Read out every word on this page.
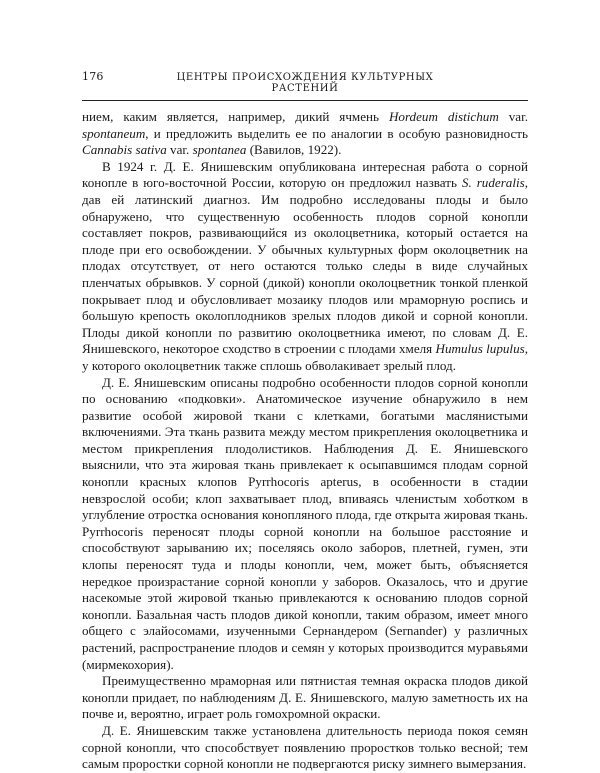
176	ЦЕНТРЫ ПРОИСХОЖДЕНИЯ КУЛЬТУРНЫХ РАСТЕНИЙ

нием, каким является, например, дикий ячмень Hordeum distichum var. spontaneum, и предложить выделить ее по аналогии в особую разновидность Cannabis sativa var. spontanea (Вавилов, 1922).

В 1924 г. Д. Е. Янишевским опубликована интересная работа о сорной конопле в юго-восточной России, которую он предложил назвать S. ruderalis, дав ей латинский диагноз. Им подробно исследованы плоды и было обнаружено, что существенную особенность плодов сорной конопли составляет покров, развивающийся из околоцветника, который остается на плоде при его освобождении. У обычных культурных форм околоцветник на плодах отсутствует, от него остаются только следы в виде случайных пленчатых обрывков. У сорной (дикой) конопли околоцветник тонкой пленкой покрывает плод и обусловливает мозаику плодов или мраморную роспись и большую крепость околоплодников зрелых плодов дикой и сорной конопли. Плоды дикой конопли по развитию околоцветника имеют, по словам Д. Е. Янишевского, некоторое сходство в строении с плодами хмеля Humulus lupulus, у которого околоцветник также сплошь обволакивает зрелый плод.

Д. Е. Янишевским описаны подробно особенности плодов сорной конопли по основанию «подковки». Анатомическое изучение обнаружило в нем развитие особой жировой ткани с клетками, богатыми маслянистыми включениями. Эта ткань развита между местом прикрепления околоцветника и местом прикрепления плодолистиков. Наблюдения Д. Е. Янишевского выяснили, что эта жировая ткань привлекает к осыпавшимся плодам сорной конопли красных клопов Pyrrhocoris apterus, в особенности в стадии невзрослой особи; клоп захватывает плод, впиваясь членистым хоботком в углубление отростка основания конопляного плода, где открыта жировая ткань. Pyrrhocoris переносят плоды сорной конопли на большое расстояние и способствуют зарыванию их; поселяясь около заборов, плетней, гумен, эти клопы переносят туда и плоды конопли, чем, может быть, объясняется нередкое произрастание сорной конопли у заборов. Оказалось, что и другие насекомые этой жировой тканью привлекаются к основанию плодов сорной конопли. Базальная часть плодов дикой конопли, таким образом, имеет много общего с элайосомами, изученными Сернандером (Sernander) у различных растений, распространение плодов и семян у которых производится муравьями (мирмекохория).

Преимущественно мраморная или пятнистая темная окраска плодов дикой конопли придает, по наблюдениям Д. Е. Янишевского, малую заметность их на почве и, вероятно, играет роль гомохромной окраски.

Д. Е. Янишевским также установлена длительность периода покоя семян сорной конопли, что способствует появлению проростков только весной; тем самым проростки сорной конопли не подвергаются риску зимнего вымерзания.
